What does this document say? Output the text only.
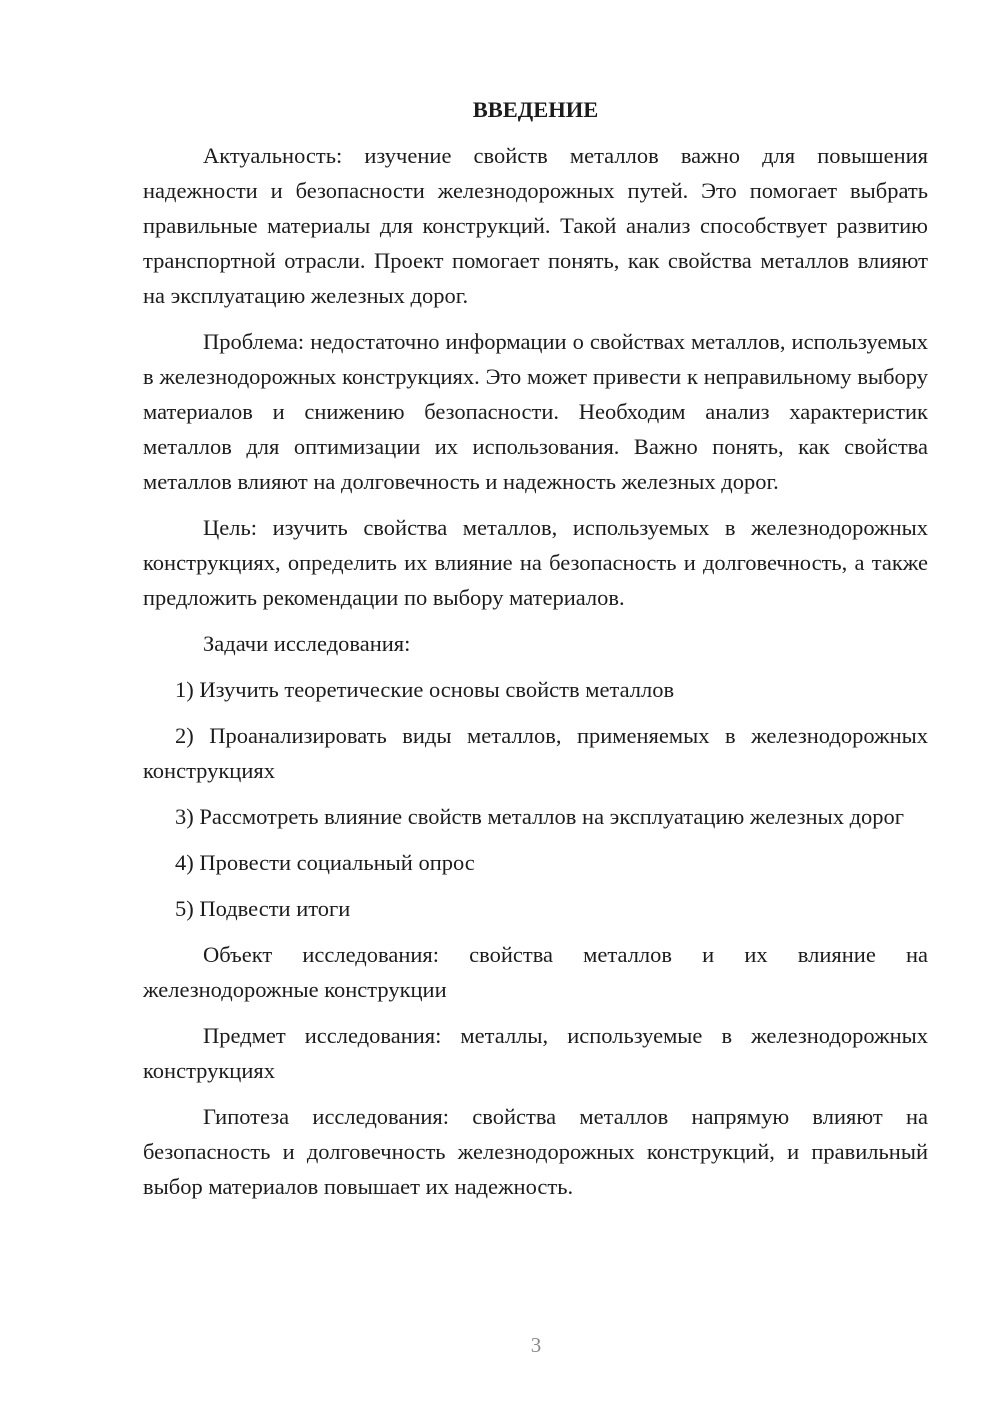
ВВЕДЕНИЕ

Актуальность: изучение свойств металлов важно для повышения надежности и безопасности железнодорожных путей. Это помогает выбрать правильные материалы для конструкций. Такой анализ способствует развитию транспортной отрасли. Проект помогает понять, как свойства металлов влияют на эксплуатацию железных дорог.

Проблема: недостаточно информации о свойствах металлов, используемых в железнодорожных конструкциях. Это может привести к неправильному выбору материалов и снижению безопасности. Необходим анализ характеристик металлов для оптимизации их использования. Важно понять, как свойства металлов влияют на долговечность и надежность железных дорог.

Цель: изучить свойства металлов, используемых в железнодорожных конструкциях, определить их влияние на безопасность и долговечность, а также предложить рекомендации по выбору материалов.

Задачи исследования:

1) Изучить теоретические основы свойств металлов
2) Проанализировать виды металлов, применяемых в железнодорожных конструкциях
3) Рассмотреть влияние свойств металлов на эксплуатацию железных дорог
4) Провести социальный опрос
5) Подвести итоги

Объект исследования: свойства металлов и их влияние на железнодорожные конструкции

Предмет исследования: металлы, используемые в железнодорожных конструкциях

Гипотеза исследования: свойства металлов напрямую влияют на безопасность и долговечность железнодорожных конструкций, и правильный выбор материалов повышает их надежность.

3
